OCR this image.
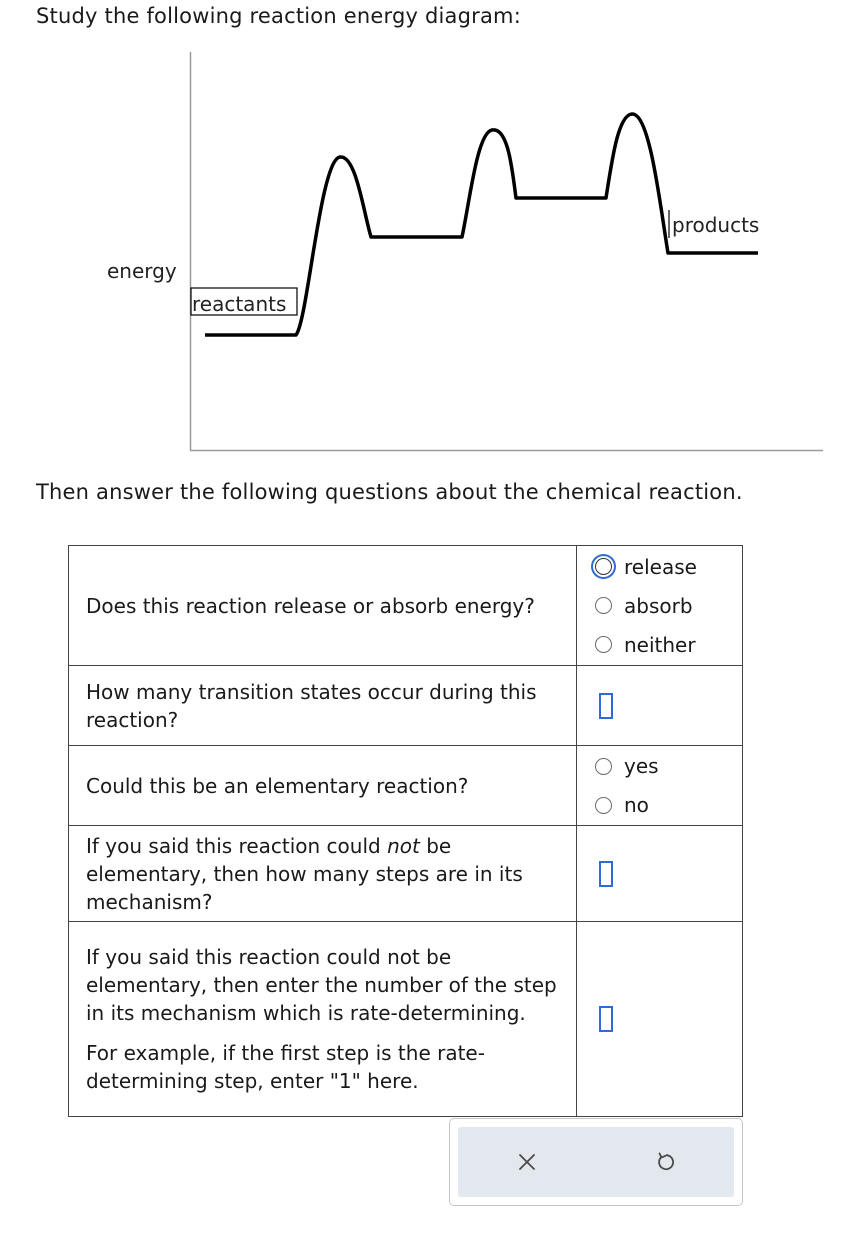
Study the following reaction energy diagram:
energy
reactants
products
Then answer the following questions about the chemical reaction.

Does this reaction release or absorb energy?	release
absorb
neither

How many transition states occur during this reaction?	

Could this be an elementary reaction?	yes
no

If you said this reaction could not be elementary, then how many steps are in its mechanism?	

If you said this reaction could not be elementary, then enter the number of the step in its mechanism which is rate-determining.

For example, if the first step is the rate-determining step, enter "1" here.	
